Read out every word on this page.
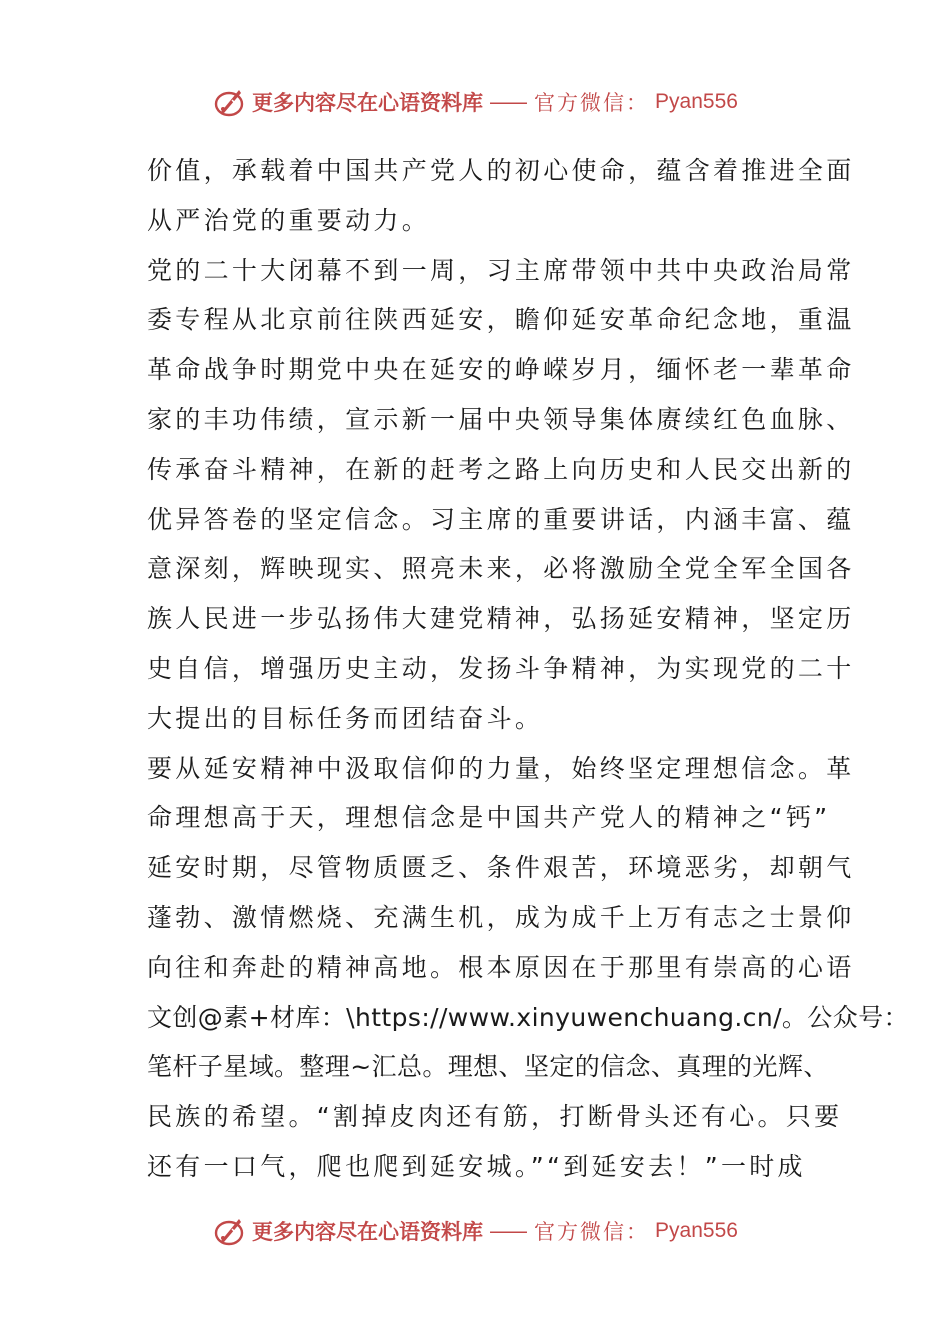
更多内容尽在心语资料库 —— 官方微信： Pyan556
价值，承载着中国共产党人的初心使命，蕴含着推进全面
从严治党的重要动力。
党的二十大闭幕不到一周，习主席带领中共中央政治局常
委专程从北京前往陕西延安，瞻仰延安革命纪念地，重温
革命战争时期党中央在延安的峥嵘岁月，缅怀老一辈革命
家的丰功伟绩，宣示新一届中央领导集体赓续红色血脉、
传承奋斗精神，在新的赶考之路上向历史和人民交出新的
优异答卷的坚定信念。习主席的重要讲话，内涵丰富、蕴
意深刻，辉映现实、照亮未来，必将激励全党全军全国各
族人民进一步弘扬伟大建党精神，弘扬延安精神，坚定历
史自信，增强历史主动，发扬斗争精神，为实现党的二十
大提出的目标任务而团结奋斗。
要从延安精神中汲取信仰的力量，始终坚定理想信念。革
命理想高于天，理想信念是中国共产党人的精神之“钙”
延安时期，尽管物质匮乏、条件艰苦，环境恶劣，却朝气
蓬勃、激情燃烧、充满生机，成为成千上万有志之士景仰
向往和奔赴的精神高地。根本原因在于那里有崇高的心语
文创@素+材库：\https://www.xinyuwenchuang.cn/。公众号：
笔杆子星域。整理~汇总。理想、坚定的信念、真理的光辉、
民族的希望。“割掉皮肉还有筋，打断骨头还有心。只要
还有一口气，爬也爬到延安城。”“到延安去！”一时成
更多内容尽在心语资料库 —— 官方微信： Pyan556
